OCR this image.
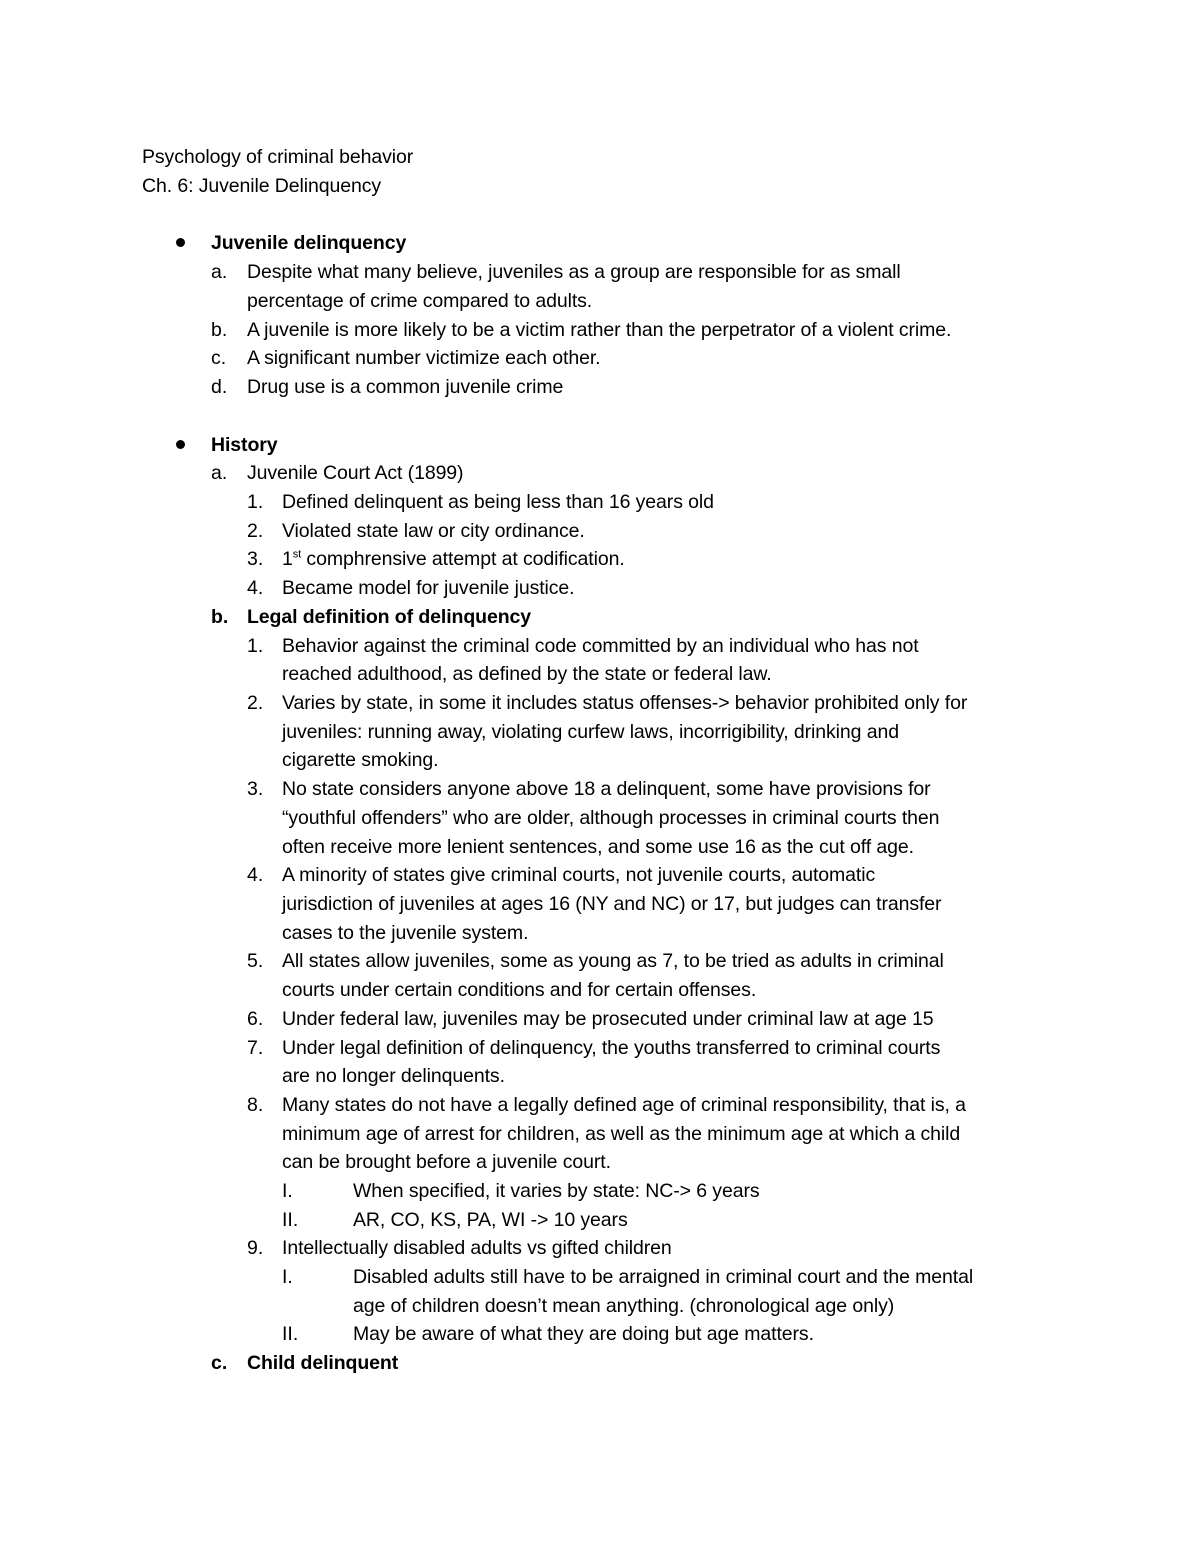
Psychology of criminal behavior
Ch. 6: Juvenile Delinquency
Juvenile delinquency
a. Despite what many believe, juveniles as a group are responsible for as small
percentage of crime compared to adults.
b. A juvenile is more likely to be a victim rather than the perpetrator of a violent crime.
c. A significant number victimize each other.
d. Drug use is a common juvenile crime
History
a. Juvenile Court Act (1899)
1. Defined delinquent as being less than 16 years old
2. Violated state law or city ordinance.
3. 1st comphrensive attempt at codification.
4. Became model for juvenile justice.
b. Legal definition of delinquency
1. Behavior against the criminal code committed by an individual who has not
reached adulthood, as defined by the state or federal law.
2. Varies by state, in some it includes status offenses-> behavior prohibited only for
juveniles: running away, violating curfew laws, incorrigibility, drinking and
cigarette smoking.
3. No state considers anyone above 18 a delinquent, some have provisions for
“youthful offenders” who are older, although processes in criminal courts then
often receive more lenient sentences, and some use 16 as the cut off age.
4. A minority of states give criminal courts, not juvenile courts, automatic
jurisdiction of juveniles at ages 16 (NY and NC) or 17, but judges can transfer
cases to the juvenile system.
5. All states allow juveniles, some as young as 7, to be tried as adults in criminal
courts under certain conditions and for certain offenses.
6. Under federal law, juveniles may be prosecuted under criminal law at age 15
7. Under legal definition of delinquency, the youths transferred to criminal courts
are no longer delinquents.
8. Many states do not have a legally defined age of criminal responsibility, that is, a
minimum age of arrest for children, as well as the minimum age at which a child
can be brought before a juvenile court.
I.	When specified, it varies by state: NC-> 6 years
II.	AR, CO, KS, PA, WI -> 10 years
9. Intellectually disabled adults vs gifted children
I.	Disabled adults still have to be arraigned in criminal court and the mental
age of children doesn’t mean anything. (chronological age only)
II.	May be aware of what they are doing but age matters.
c. Child delinquent
